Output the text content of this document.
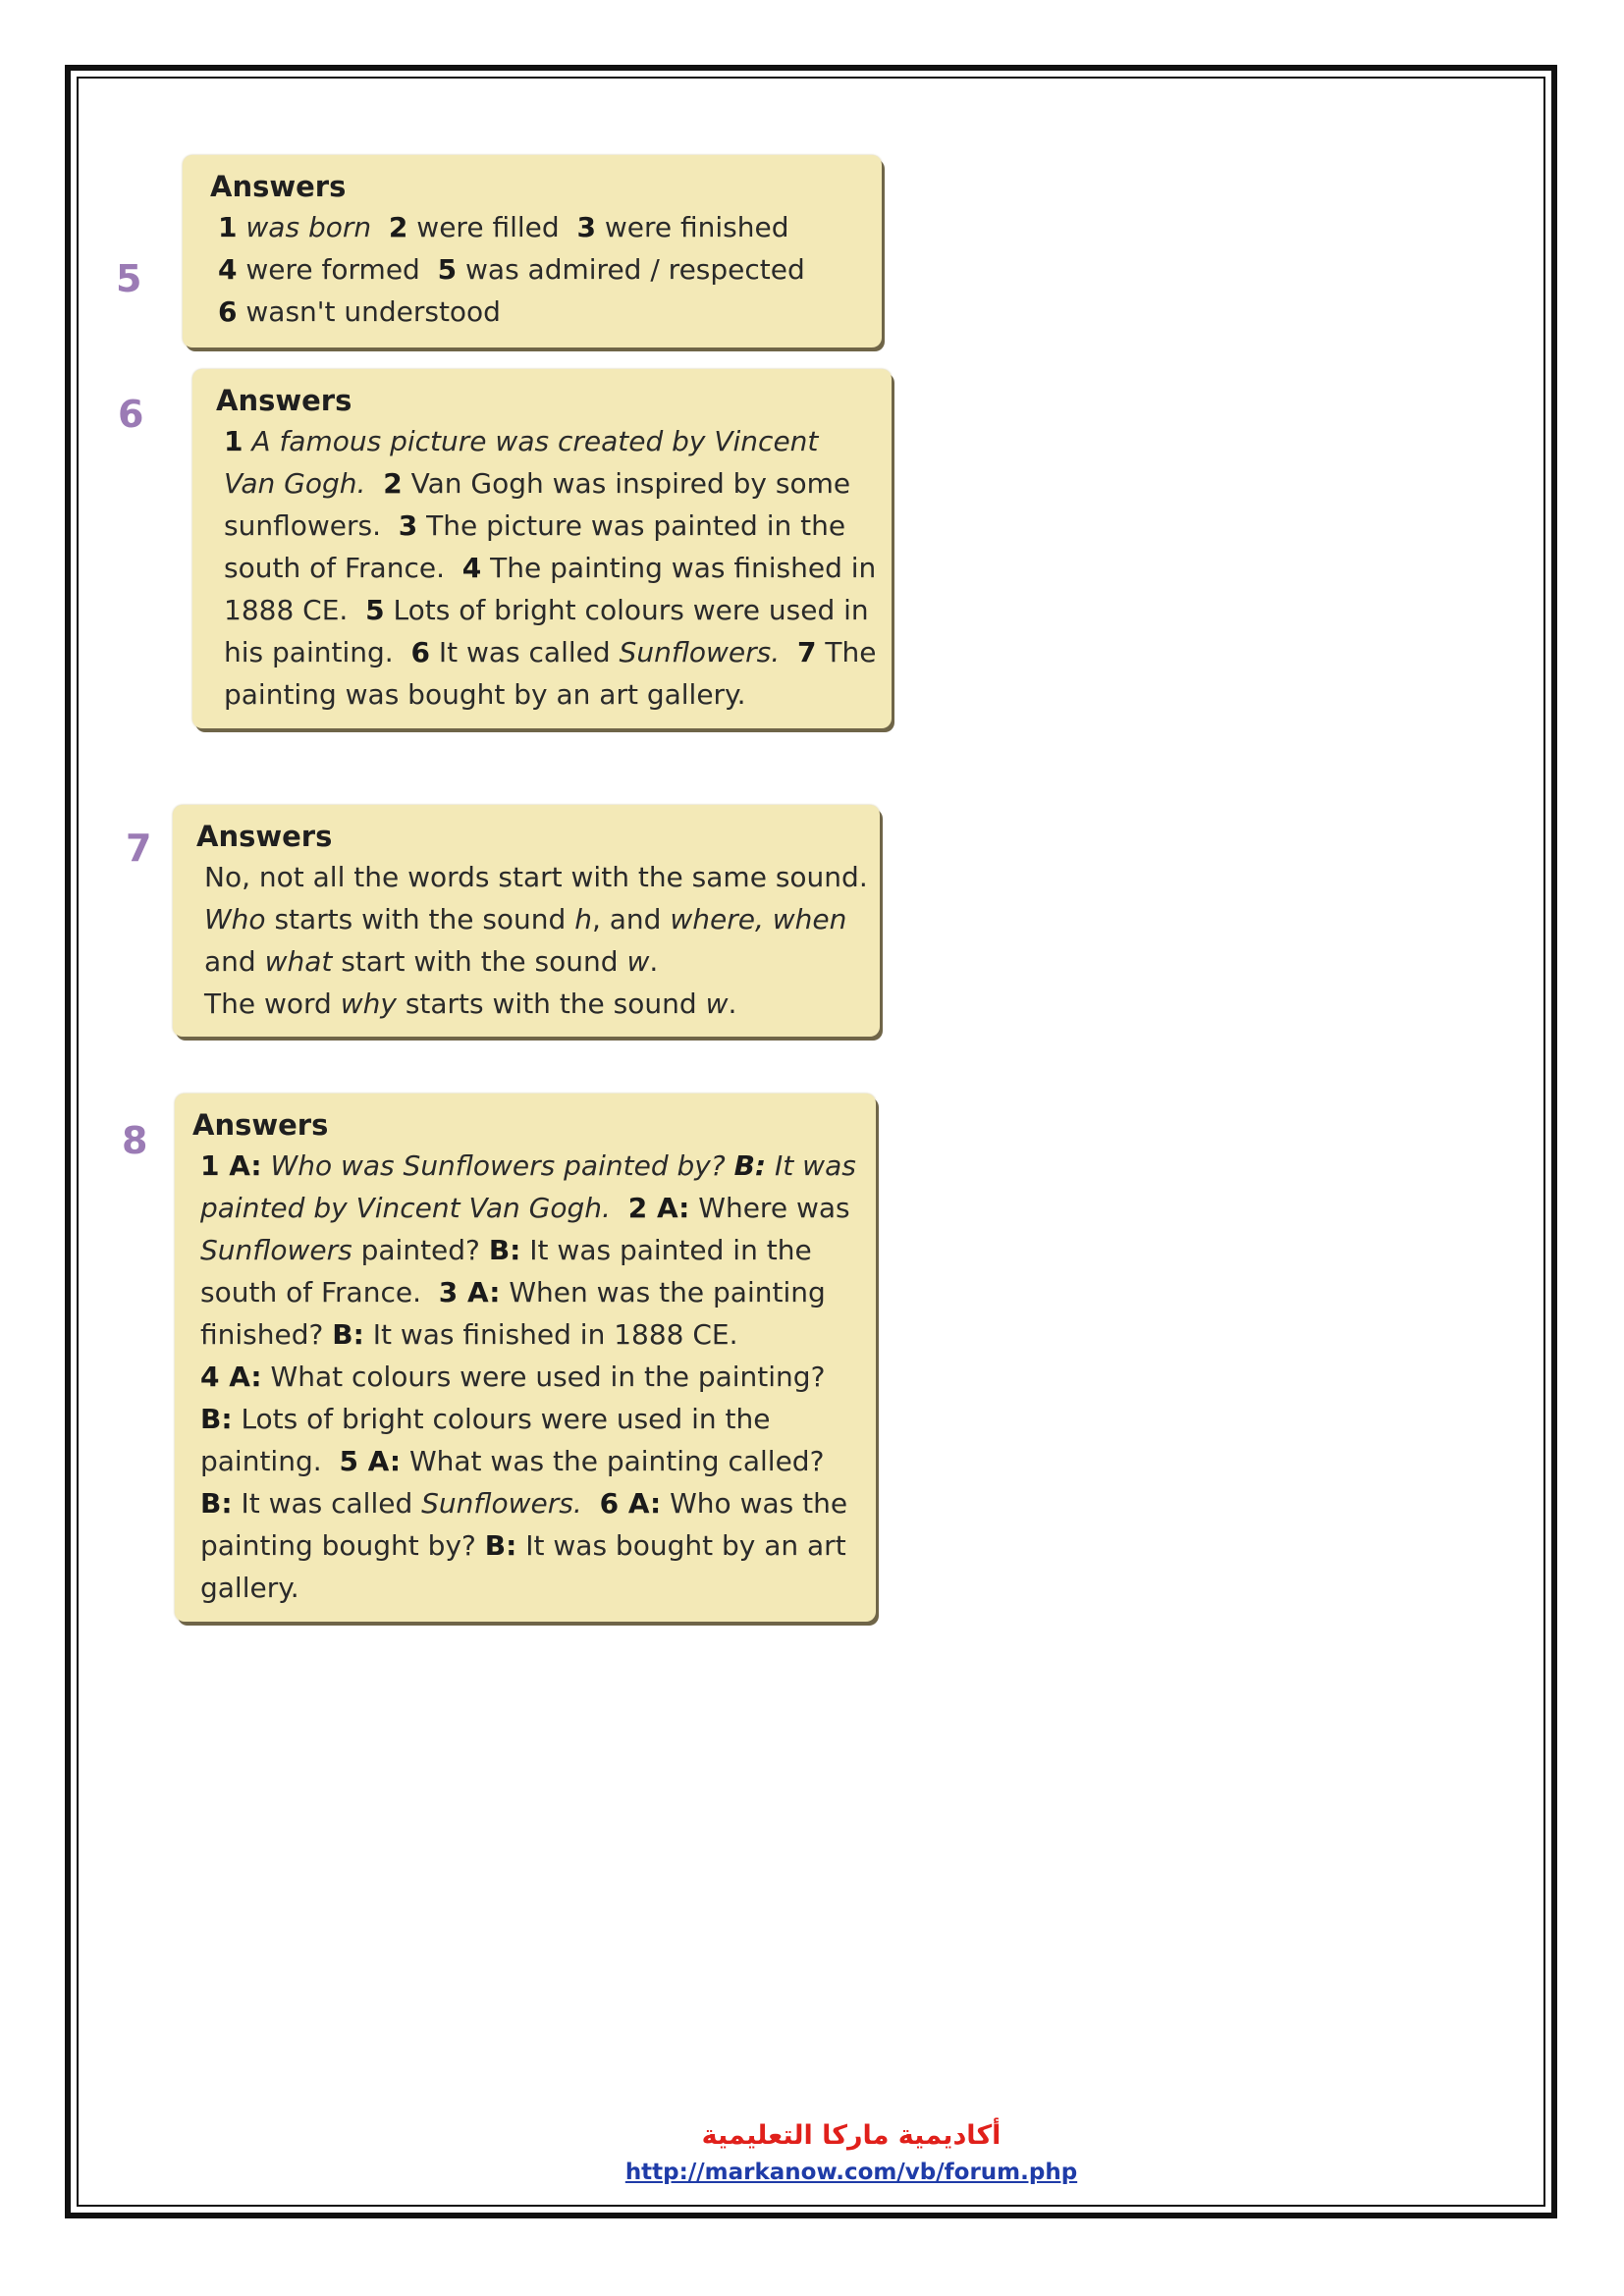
5
Answers
1 was born 2 were filled  3 were finished
4 were formed  5 was admired / respected
6 wasn't understood
6	Answers
1 A famous picture was created by Vincent
Van Gogh. 2 Van Gogh was inspired by some
sunflowers.  3 The picture was painted in the
south of France.  4 The painting was finished in
1888 CE.  5 Lots of bright colours were used in
his painting.  6 It was called Sunflowers. 7 The
painting was bought by an art gallery.
7 Answers
No, not all the words start with the same sound.
Who starts with the sound h, and where, when
and what start with the sound w.
The word why starts with the sound w.
8 Answers
1 A: Who was Sunflowers painted by? B: It was
painted by Vincent Van Gogh. 2 A: Where was
Sunflowers painted? B: It was painted in the
south of France.  3 A: When was the painting
finished? B: It was finished in 1888 CE.
4 A: What colours were used in the painting?
B: Lots of bright colours were used in the
painting.  5 A: What was the painting called?
B: It was called Sunflowers. 6 A: Who was the
painting bought by? B: It was bought by an art
gallery.
أكاديمية ماركا التعليمية
http://markanow.com/vb/forum.php
